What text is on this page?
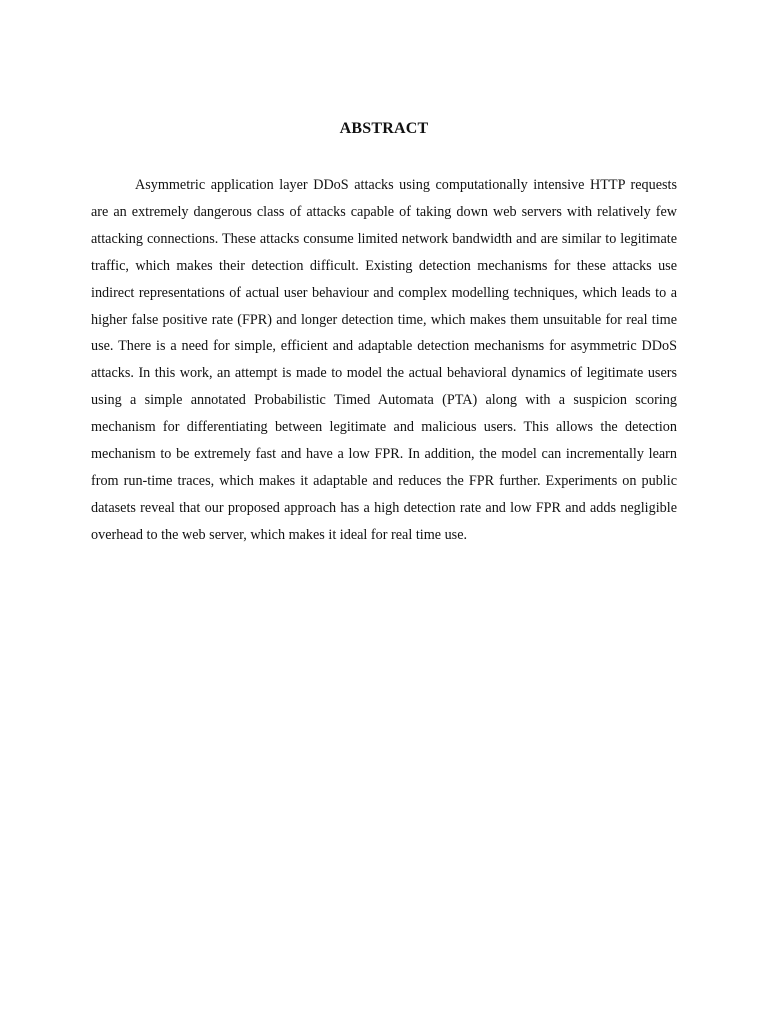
ABSTRACT

Asymmetric application layer DDoS attacks using computationally intensive HTTP requests are an extremely dangerous class of attacks capable of taking down web servers with relatively few attacking connections. These attacks consume limited network bandwidth and are similar to legitimate traffic, which makes their detection difficult. Existing detection mechanisms for these attacks use indirect representations of actual user behaviour and complex modelling techniques, which leads to a higher false positive rate (FPR) and longer detection time, which makes them unsuitable for real time use. There is a need for simple, efficient and adaptable detection mechanisms for asymmetric DDoS attacks. In this work, an attempt is made to model the actual behavioral dynamics of legitimate users using a simple annotated Probabilistic Timed Automata (PTA) along with a suspicion scoring mechanism for differentiating between legitimate and malicious users. This allows the detection mechanism to be extremely fast and have a low FPR. In addition, the model can incrementally learn from run-time traces, which makes it adaptable and reduces the FPR further. Experiments on public datasets reveal that our proposed approach has a high detection rate and low FPR and adds negligible overhead to the web server, which makes it ideal for real time use.
